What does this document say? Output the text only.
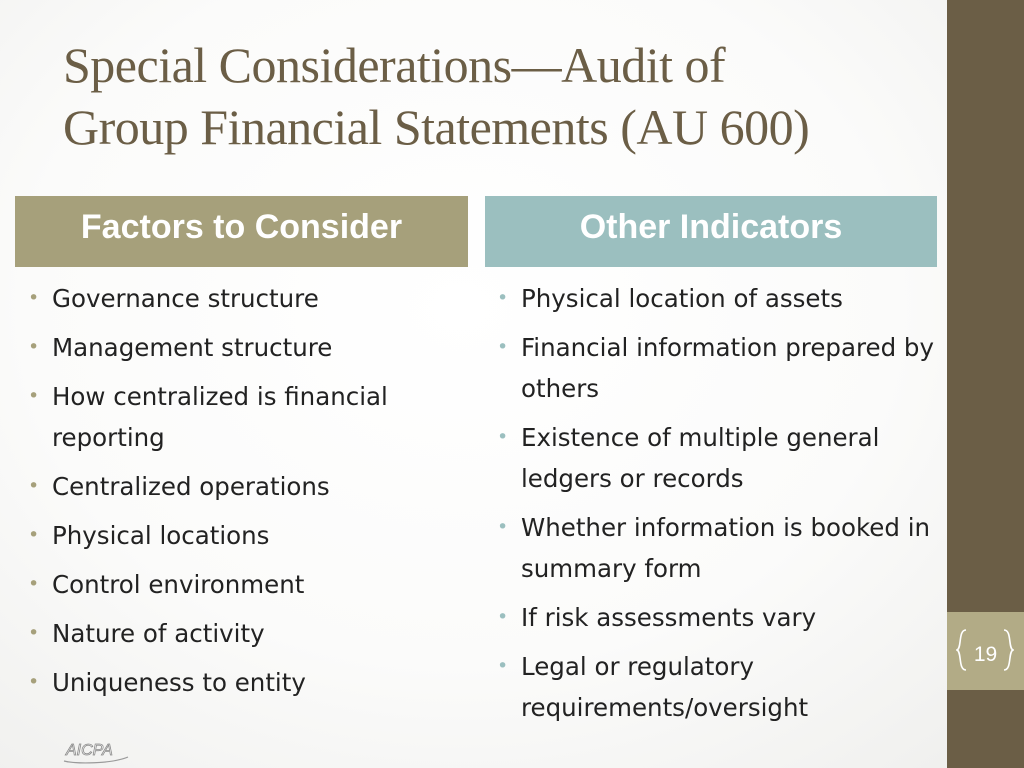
Special Considerations—Audit of
Group Financial Statements (AU 600)
Factors to Consider	Other Indicators
• Governance structure
• Management structure
• How centralized is financial reporting
• Centralized operations
• Physical locations
• Control environment
• Nature of activity
• Uniqueness to entity
• Physical location of assets
• Financial information prepared by others
• Existence of multiple general ledgers or records
• Whether information is booked in summary form
• If risk assessments vary
• Legal or regulatory requirements/oversight
AICPA
19
